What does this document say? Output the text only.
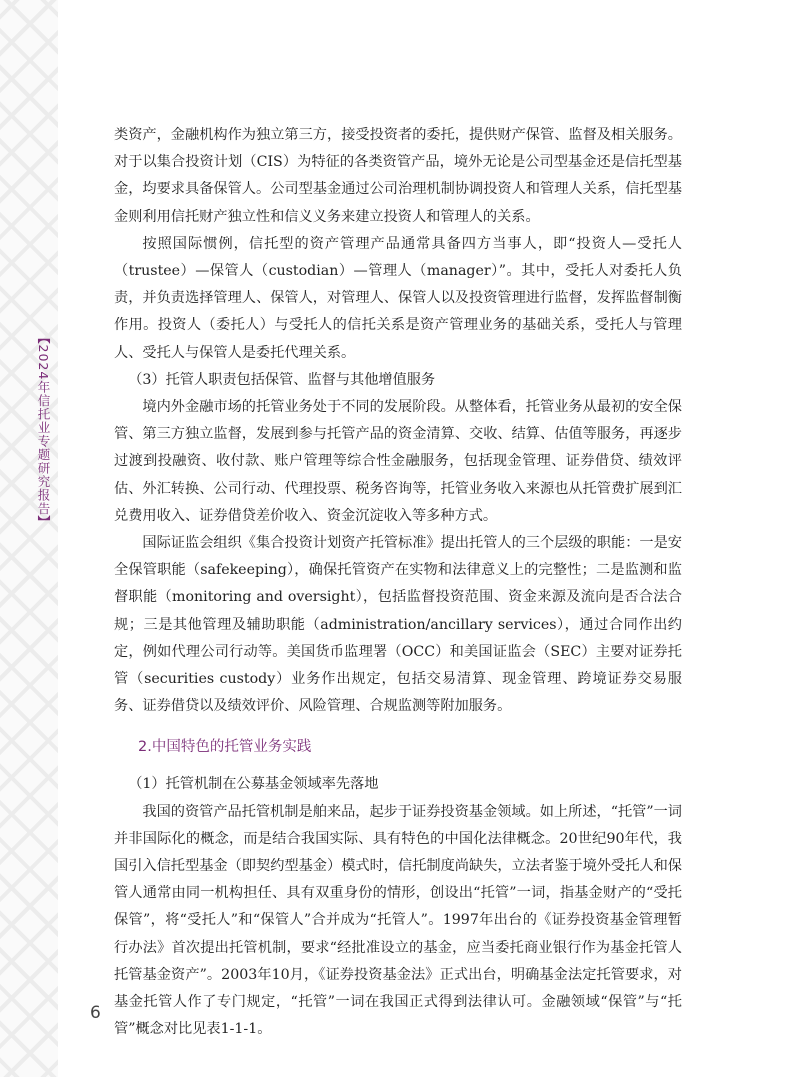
【2024年信托业专题研究报告】

类资产，金融机构作为独立第三方，接受投资者的委托，提供财产保管、监督及相关服务。对于以集合投资计划（CIS）为特征的各类资管产品，境外无论是公司型基金还是信托型基金，均要求具备保管人。公司型基金通过公司治理机制协调投资人和管理人关系，信托型基金则利用信托财产独立性和信义义务来建立投资人和管理人的关系。

按照国际惯例，信托型的资产管理产品通常具备四方当事人，即“投资人—受托人（trustee）—保管人（custodian）—管理人（manager）”。其中，受托人对委托人负责，并负责选择管理人、保管人，对管理人、保管人以及投资管理进行监督，发挥监督制衡作用。投资人（委托人）与受托人的信托关系是资产管理业务的基础关系，受托人与管理人、受托人与保管人是委托代理关系。

（3）托管人职责包括保管、监督与其他增值服务

境内外金融市场的托管业务处于不同的发展阶段。从整体看，托管业务从最初的安全保管、第三方独立监督，发展到参与托管产品的资金清算、交收、结算、估值等服务，再逐步过渡到投融资、收付款、账户管理等综合性金融服务，包括现金管理、证券借贷、绩效评估、外汇转换、公司行动、代理投票、税务咨询等，托管业务收入来源也从托管费扩展到汇兑费用收入、证券借贷差价收入、资金沉淀收入等多种方式。

国际证监会组织《集合投资计划资产托管标准》提出托管人的三个层级的职能：一是安全保管职能（safekeeping），确保托管资产在实物和法律意义上的完整性；二是监测和监督职能（monitoring and oversight），包括监督投资范围、资金来源及流向是否合法合规；三是其他管理及辅助职能（administration/ancillary services），通过合同作出约定，例如代理公司行动等。美国货币监理署（OCC）和美国证监会（SEC）主要对证券托管（securities custody）业务作出规定，包括交易清算、现金管理、跨境证券交易服务、证券借贷以及绩效评价、风险管理、合规监测等附加服务。

2.中国特色的托管业务实践

（1）托管机制在公募基金领域率先落地

我国的资管产品托管机制是舶来品，起步于证券投资基金领域。如上所述，“托管”一词并非国际化的概念，而是结合我国实际、具有特色的中国化法律概念。20世纪90年代，我国引入信托型基金（即契约型基金）模式时，信托制度尚缺失，立法者鉴于境外受托人和保管人通常由同一机构担任、具有双重身份的情形，创设出“托管”一词，指基金财产的“受托保管”，将“受托人”和“保管人”合并成为“托管人”。1997年出台的《证券投资基金管理暂行办法》首次提出托管机制，要求“经批准设立的基金，应当委托商业银行作为基金托管人托管基金资产”。2003年10月，《证券投资基金法》正式出台，明确基金法定托管要求，对基金托管人作了专门规定，“托管”一词在我国正式得到法律认可。金融领域“保管”与“托管”概念对比见表1-1-1。

6
